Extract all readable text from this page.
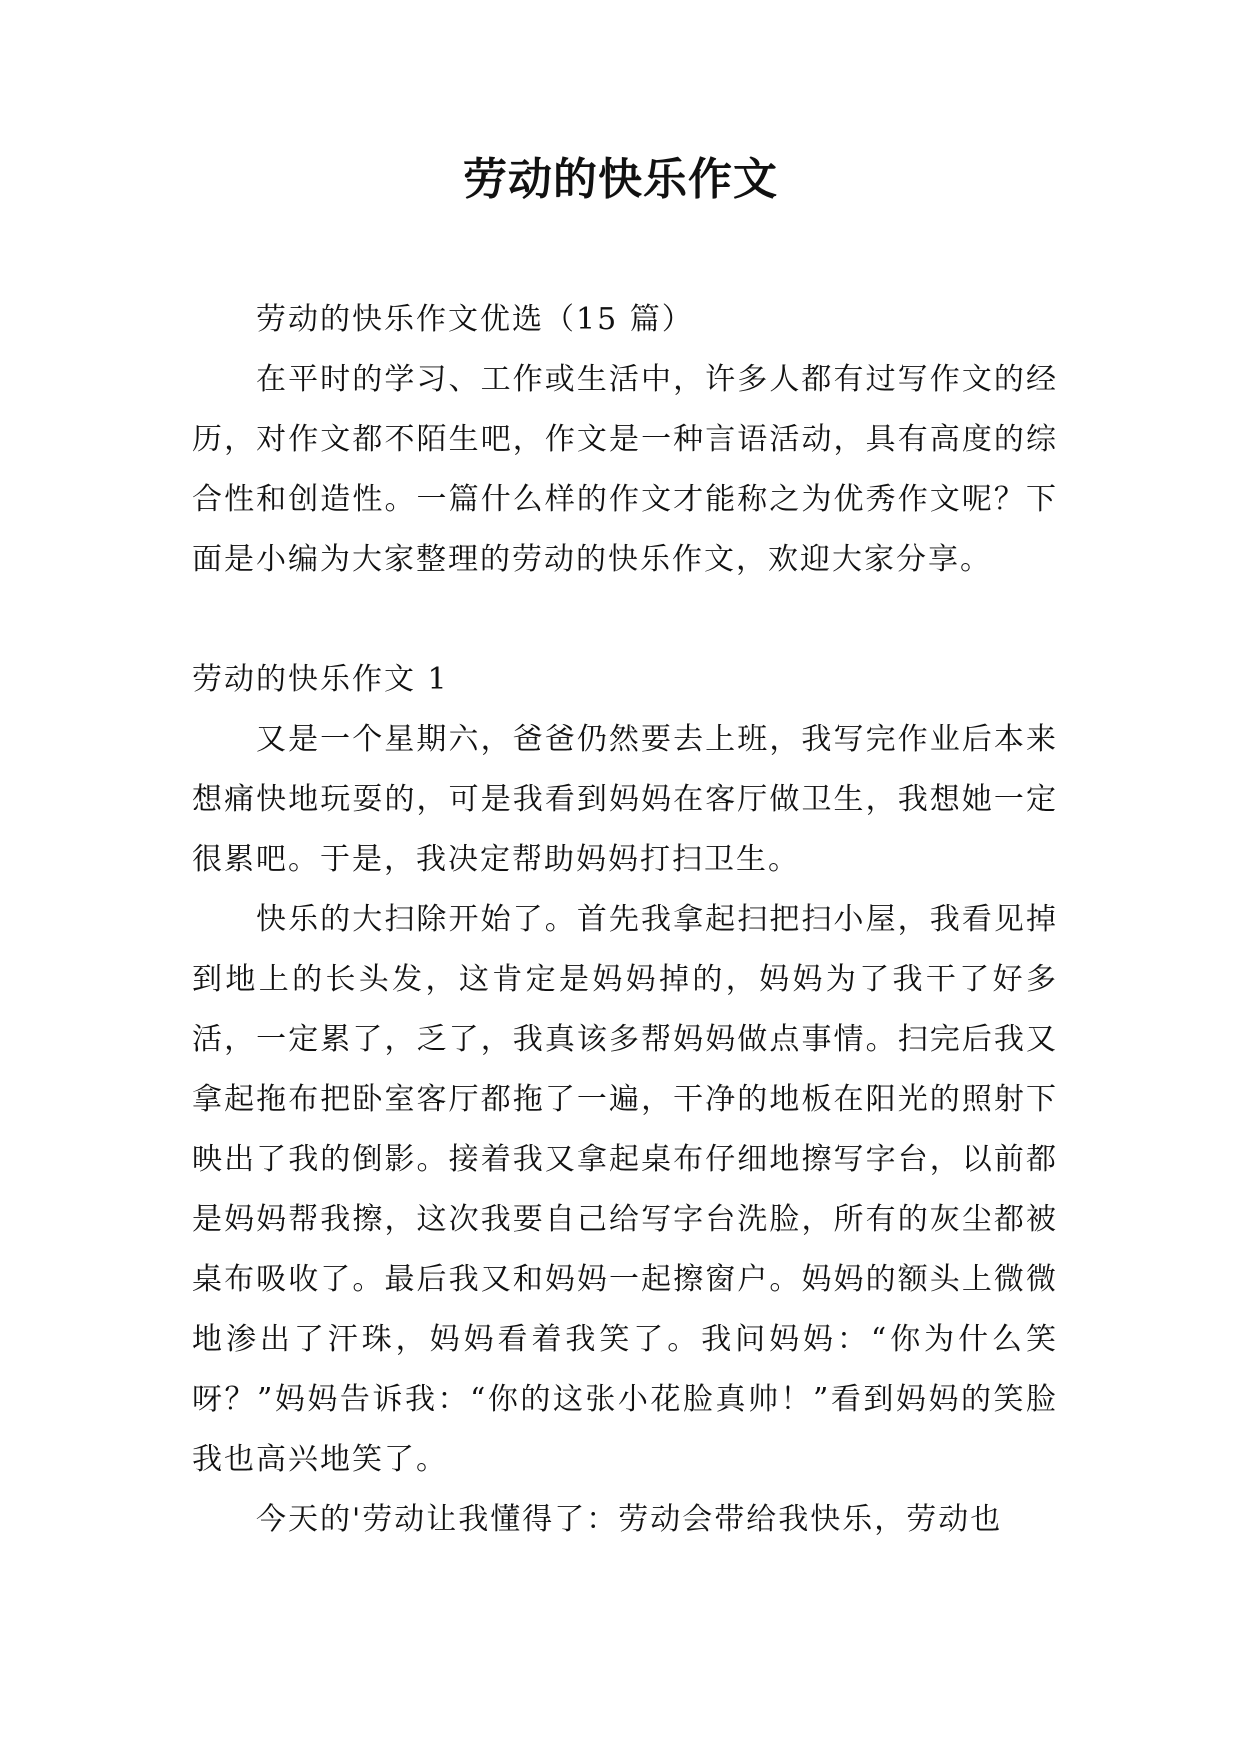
劳动的快乐作文

劳动的快乐作文优选（15 篇）

在平时的学习、工作或生活中，许多人都有过写作文的经历，对作文都不陌生吧，作文是一种言语活动，具有高度的综合性和创造性。一篇什么样的作文才能称之为优秀作文呢？下面是小编为大家整理的劳动的快乐作文，欢迎大家分享。

劳动的快乐作文 1

又是一个星期六，爸爸仍然要去上班，我写完作业后本来想痛快地玩耍的，可是我看到妈妈在客厅做卫生，我想她一定很累吧。于是，我决定帮助妈妈打扫卫生。

快乐的大扫除开始了。首先我拿起扫把扫小屋，我看见掉到地上的长头发，这肯定是妈妈掉的，妈妈为了我干了好多活，一定累了，乏了，我真该多帮妈妈做点事情。扫完后我又拿起拖布把卧室客厅都拖了一遍，干净的地板在阳光的照射下映出了我的倒影。接着我又拿起桌布仔细地擦写字台，以前都是妈妈帮我擦，这次我要自己给写字台洗脸，所有的灰尘都被桌布吸收了。最后我又和妈妈一起擦窗户。妈妈的额头上微微地渗出了汗珠，妈妈看着我笑了。我问妈妈：“你为什么笑呀？”妈妈告诉我：“你的这张小花脸真帅！”看到妈妈的笑脸我也高兴地笑了。

今天的'劳动让我懂得了：劳动会带给我快乐，劳动也
